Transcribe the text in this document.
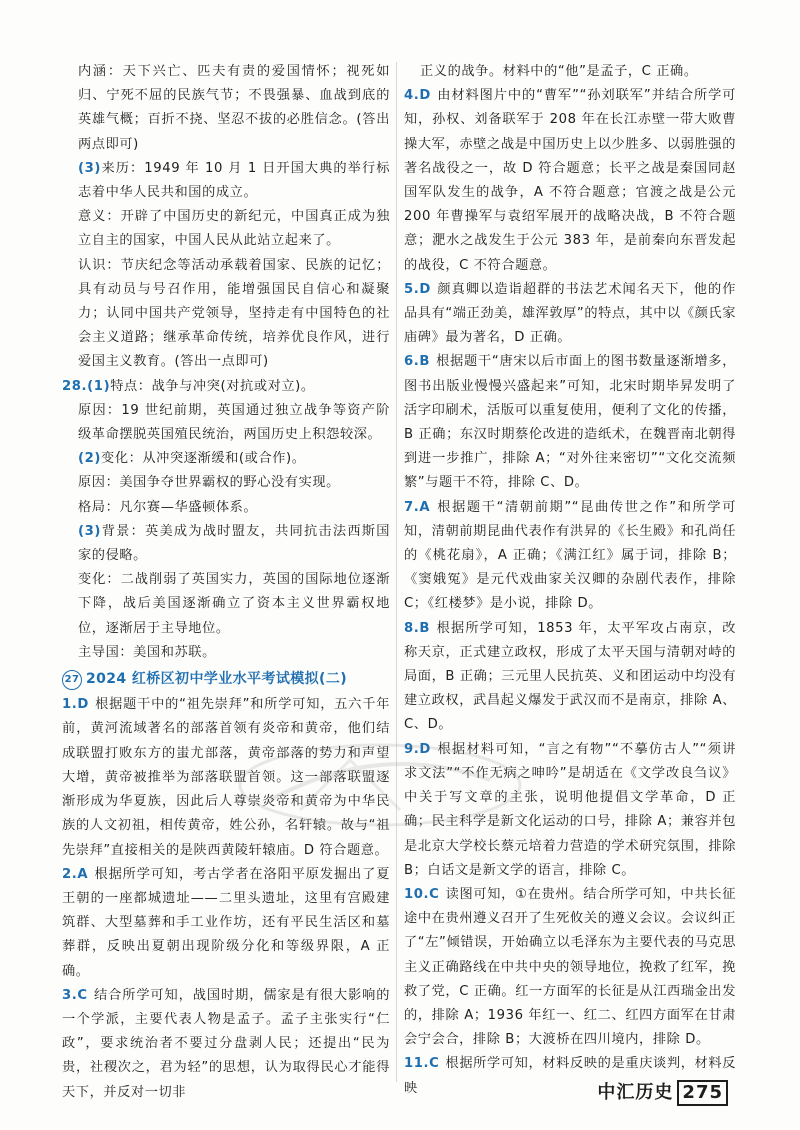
内涵：天下兴亡、匹夫有责的爱国情怀；视死如归、宁死不屈的民族气节；不畏强暴、血战到底的英雄气概；百折不挠、坚忍不拔的必胜信念。(答出两点即可)

(3)来历：1949 年 10 月 1 日开国大典的举行标志着中华人民共和国的成立。

意义：开辟了中国历史的新纪元，中国真正成为独立自主的国家，中国人民从此站立起来了。

认识：节庆纪念等活动承载着国家、民族的记忆；具有动员与号召作用，能增强国民自信心和凝聚力；认同中国共产党领导，坚持走有中国特色的社会主义道路；继承革命传统，培养优良作风，进行爱国主义教育。(答出一点即可)

28.(1)特点：战争与冲突(对抗或对立)。

原因：19 世纪前期，英国通过独立战争等资产阶级革命摆脱英国殖民统治，两国历史上积怨较深。

(2)变化：从冲突逐渐缓和(或合作)。

原因：美国争夺世界霸权的野心没有实现。

格局：凡尔赛—华盛顿体系。

(3)背景：英美成为战时盟友，共同抗击法西斯国家的侵略。

变化：二战削弱了英国实力，英国的国际地位逐渐下降，战后美国逐渐确立了资本主义世界霸权地位，逐渐居于主导地位。

主导国：美国和苏联。

27 2024 红桥区初中学业水平考试模拟(二)

1.D 根据题干中的“祖先崇拜”和所学可知，五六千年前，黄河流域著名的部落首领有炎帝和黄帝，他们结成联盟打败东方的蚩尤部落，黄帝部落的势力和声望大增，黄帝被推举为部落联盟首领。这一部落联盟逐渐形成为华夏族，因此后人尊崇炎帝和黄帝为中华民族的人文初祖，相传黄帝，姓公孙，名轩辕。故与“祖先崇拜”直接相关的是陕西黄陵轩辕庙。D 符合题意。

2.A 根据所学可知，考古学者在洛阳平原发掘出了夏王朝的一座都城遗址——二里头遗址，这里有宫殿建筑群、大型墓葬和手工业作坊，还有平民生活区和墓葬群，反映出夏朝出现阶级分化和等级界限，A 正确。

3.C 结合所学可知，战国时期，儒家是有很大影响的一个学派，主要代表人物是孟子。孟子主张实行“仁政”，要求统治者不要过分盘剥人民；还提出“民为贵，社稷次之，君为轻”的思想，认为取得民心才能得天下，并反对一切非

正义的战争。材料中的“他”是孟子，C 正确。

4.D 由材料图片中的“曹军”“孙刘联军”并结合所学可知，孙权、刘备联军于 208 年在长江赤壁一带大败曹操大军，赤壁之战是中国历史上以少胜多、以弱胜强的著名战役之一，故 D 符合题意；长平之战是秦国同赵国军队发生的战争，A 不符合题意；官渡之战是公元 200 年曹操军与袁绍军展开的战略决战，B 不符合题意；淝水之战发生于公元 383 年，是前秦向东晋发起的战役，C 不符合题意。

5.D 颜真卿以造诣超群的书法艺术闻名天下，他的作品具有“端正劲美，雄浑敦厚”的特点，其中以《颜氏家庙碑》最为著名，D 正确。

6.B 根据题干“唐宋以后市面上的图书数量逐渐增多，图书出版业慢慢兴盛起来”可知，北宋时期毕昇发明了活字印刷术，活版可以重复使用，便利了文化的传播，B 正确；东汉时期蔡伦改进的造纸术，在魏晋南北朝得到进一步推广，排除 A；“对外往来密切”“文化交流频繁”与题干不符，排除 C、D。

7.A 根据题干“清朝前期”“昆曲传世之作”和所学可知，清朝前期昆曲代表作有洪昇的《长生殿》和孔尚任的《桃花扇》，A 正确；《满江红》属于词，排除 B；《窦娥冤》是元代戏曲家关汉卿的杂剧代表作，排除 C；《红楼梦》是小说，排除 D。

8.B 根据所学可知，1853 年，太平军攻占南京，改称天京，正式建立政权，形成了太平天国与清朝对峙的局面，B 正确；三元里人民抗英、义和团运动中均没有建立政权，武昌起义爆发于武汉而不是南京，排除 A、C、D。

9.D 根据材料可知，“言之有物”“不摹仿古人”“须讲求文法”“不作无病之呻吟”是胡适在《文学改良刍议》中关于写文章的主张，说明他提倡文学革命，D 正确；民主科学是新文化运动的口号，排除 A；兼容并包是北京大学校长蔡元培着力营造的学术研究氛围，排除 B；白话文是新文学的语言，排除 C。

10.C 读图可知，①在贵州。结合所学可知，中共长征途中在贵州遵义召开了生死攸关的遵义会议。会议纠正了“左”倾错误，开始确立以毛泽东为主要代表的马克思主义正确路线在中共中央的领导地位，挽救了红军，挽救了党，C 正确。红一方面军的长征是从江西瑞金出发的，排除 A；1936 年红一、红二、红四方面军在甘肃会宁会合，排除 B；大渡桥在四川境内，排除 D。

11.C 根据所学可知，材料反映的是重庆谈判，材料反映	中汇历史 275
